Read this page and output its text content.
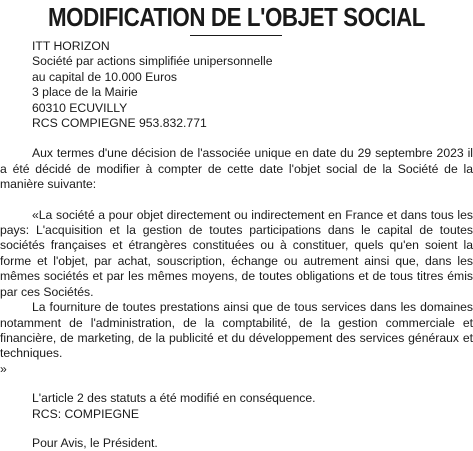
MODIFICATION DE L'OBJET SOCIAL
ITT HORIZON
Société par actions simplifiée unipersonnelle
au capital de 10.000 Euros
3 place de la Mairie
60310 ECUVILLY
RCS COMPIEGNE 953.832.771

Aux termes d'une décision de l'associée unique en date du 29 septembre 2023 il a été décidé de modifier à compter de cette date l'objet social de la Société de la manière suivante:

«La société a pour objet directement ou indirectement en France et dans tous les pays: L'acquisition et la gestion de toutes participations dans le capital de toutes sociétés françaises et étrangères constituées ou à constituer, quels qu'en soient la forme et l'objet, par achat, souscription, échange ou autrement ainsi que, dans les mêmes sociétés et par les mêmes moyens, de toutes obligations et de tous titres émis par ces Sociétés.

La fourniture de toutes prestations ainsi que de tous services dans les domaines notamment de l'administration, de la comptabilité, de la gestion commerciale et financière, de marketing, de la publicité et du développement des services généraux et techniques.

»
L'article 2 des statuts a été modifié en conséquence.
RCS: COMPIEGNE
Pour Avis, le Président.
